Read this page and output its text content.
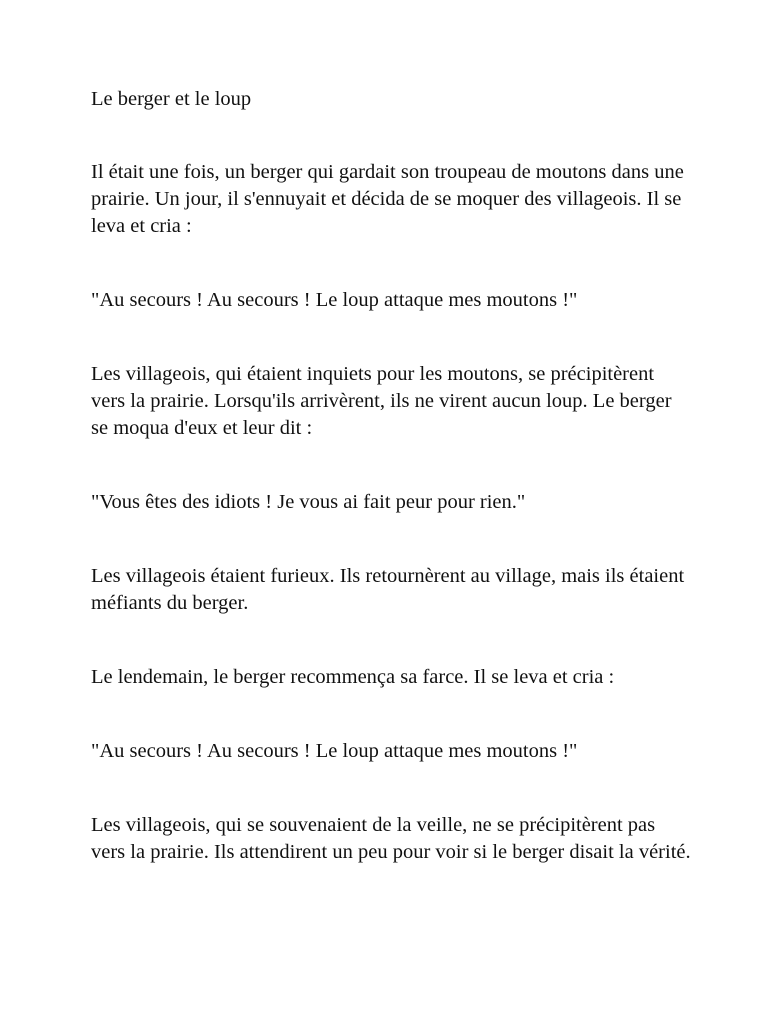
Le berger et le loup

Il était une fois, un berger qui gardait son troupeau de moutons dans une prairie. Un jour, il s'ennuyait et décida de se moquer des villageois. Il se leva et cria :

"Au secours ! Au secours ! Le loup attaque mes moutons !"

Les villageois, qui étaient inquiets pour les moutons, se précipitèrent vers la prairie. Lorsqu'ils arrivèrent, ils ne virent aucun loup. Le berger se moqua d'eux et leur dit :

"Vous êtes des idiots ! Je vous ai fait peur pour rien."

Les villageois étaient furieux. Ils retournèrent au village, mais ils étaient méfiants du berger.

Le lendemain, le berger recommença sa farce. Il se leva et cria :

"Au secours ! Au secours ! Le loup attaque mes moutons !"

Les villageois, qui se souvenaient de la veille, ne se précipitèrent pas vers la prairie. Ils attendirent un peu pour voir si le berger disait la vérité.
